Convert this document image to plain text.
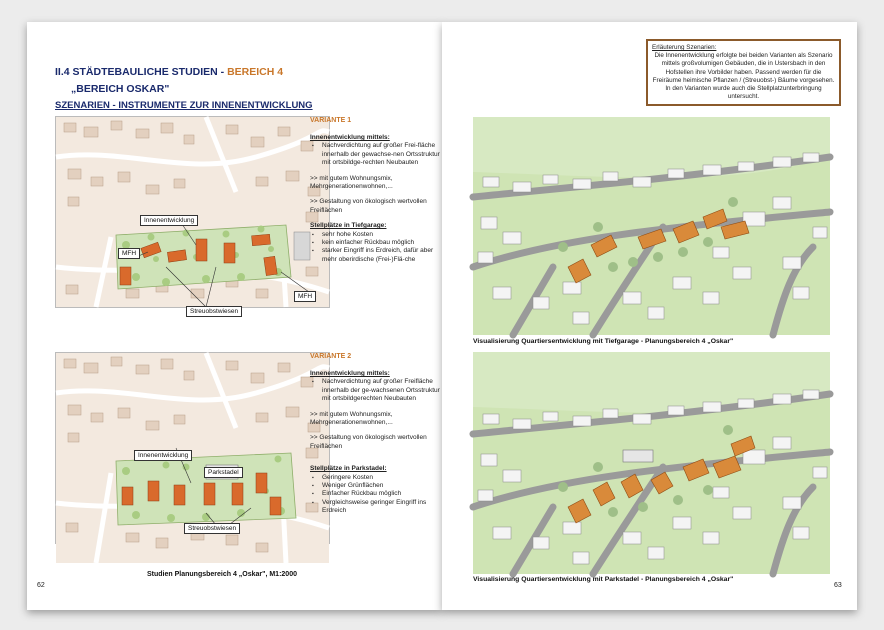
II.4 STÄDTEBAULICHE STUDIEN - BEREICH 4
„BEREICH OSKAR"
SZENARIEN - INSTRUMENTE ZUR INNENENTWICKLUNG
Innenentwicklung
MFH
MFH
Streuobstwiesen
VARIANTE 1

Innenentwicklung mittels:

▪ Nachverdichtung auf großer Frei-fläche innerhalb der gewachse-nen Ortsstruktur mit ortsbildge-rechten Neubauten

>> mit gutem Wohnungsmix, Mehrgenerationenwohnen,...

>> Gestaltung von ökologisch wertvollen Freiflächen

Stellplätze in Tiefgarage:

▪ sehr hohe Kosten
▪ kein einfacher Rückbau möglich
▪ starker Eingriff ins Erdreich, dafür aber mehr oberirdische (Frei-)Flä-che
Innenentwicklung
Parkstadel
Streuobstwiesen
VARIANTE 2

Innenentwicklung mittels:

▪ Nachverdichtung auf großer Freifläche innerhalb der ge-wachsenen Ortsstruktur mit ortsbildgerechten Neubauten

>> mit gutem Wohnungsmix, Mehrgenerationenwohnen,...

>> Gestaltung von ökologisch wertvollen Freiflächen

Stellplätze in Parkstadel:

▪ Geringere Kosten
▪ Weniger Grünflächen
▪ Einfacher Rückbau möglich
▪ Vergleichsweise geringer Eingriff ins Erdreich
Studien Planungsbereich 4 „Oskar", M1:2000
62
Erläuterung Szenarien:
Die Innenentwicklung erfolgte bei beiden Varianten als Szenario mittels großvolumigen Gebäuden, die in Ustersbach in den Hofstellen ihre Vorbilder haben. Passend werden für die Freiräume heimische Pflanzen / (Streuobst-) Bäume vorgesehen. In den Varianten wurde auch die Stellplatzunterbringung untersucht.
Visualisierung Quartiersentwicklung mit Tiefgarage - Planungsbereich 4 „Oskar"
Visualisierung Quartiersentwicklung mit Parkstadel - Planungsbereich 4 „Oskar"
63
